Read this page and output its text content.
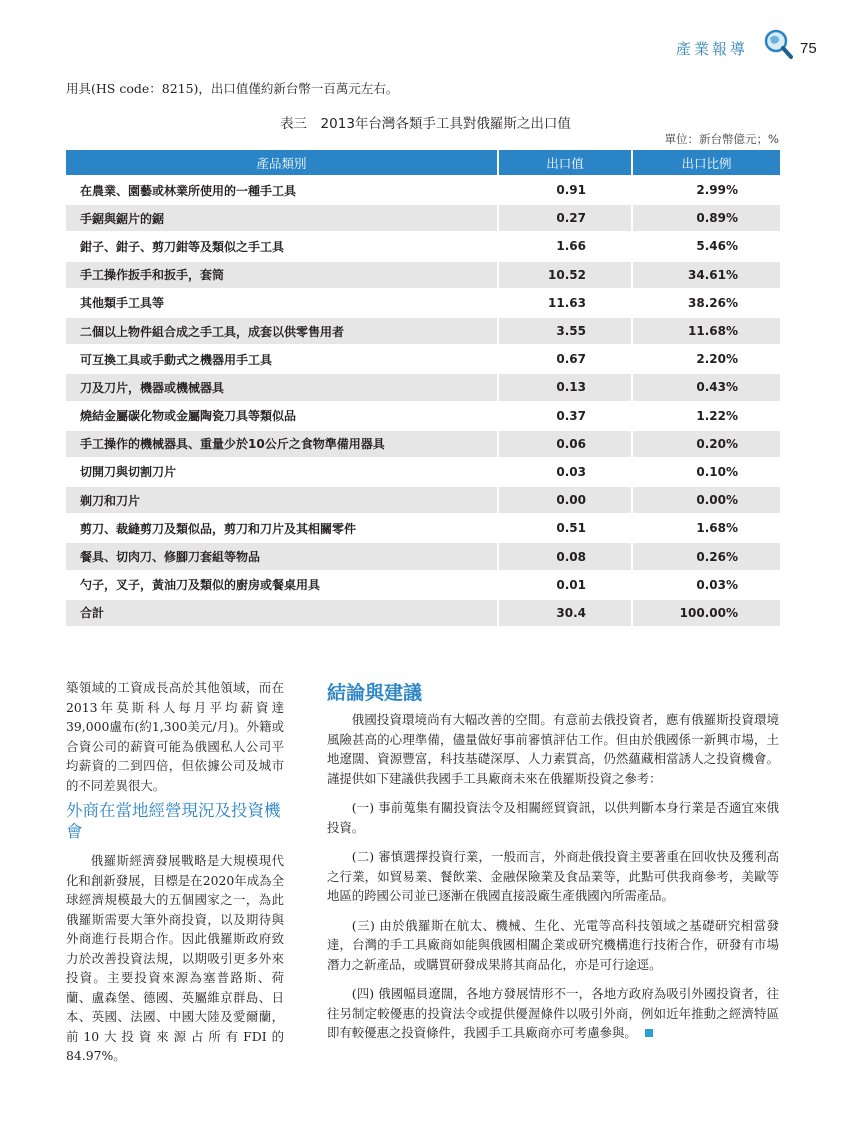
產業報導	75
用具(HS code：8215)，出口值僅約新台幣一百萬元左右。
表三　2013年台灣各類手工具對俄羅斯之出口值
單位：新台幣億元；%
產品類別	出口值	出口比例
在農業、園藝或林業所使用的一種手工具	0.91	2.99%
手鋸與鋸片的鋸	0.27	0.89%
鉗子、鉗子、剪刀鉗等及類似之手工具	1.66	5.46%
手工操作扳手和扳手，套筒	10.52	34.61%
其他類手工具等	11.63	38.26%
二個以上物件組合成之手工具，成套以供零售用者	3.55	11.68%
可互換工具或手動式之機器用手工具	0.67	2.20%
刀及刀片，機器或機械器具	0.13	0.43%
燒結金屬碳化物或金屬陶瓷刀具等類似品	0.37	1.22%
手工操作的機械器具、重量少於10公斤之食物準備用器具	0.06	0.20%
切開刀與切割刀片	0.03	0.10%
剃刀和刀片	0.00	0.00%
剪刀、裁縫剪刀及類似品，剪刀和刀片及其相關零件	0.51	1.68%
餐具、切肉刀、修腳刀套組等物品	0.08	0.26%
勺子，叉子，黃油刀及類似的廚房或餐桌用具	0.01	0.03%
合計	30.4	100.00%

築領域的工資成長高於其他領域，而在2013年莫斯科人每月平均薪資達39,000盧布(約1,300美元/月)。外籍或合資公司的薪資可能為俄國私人公司平均薪資的二到四倍，但依據公司及城市的不同差異很大。

外商在當地經營現況及投資機會

俄羅斯經濟發展戰略是大規模現代化和創新發展，目標是在2020年成為全球經濟規模最大的五個國家之一，為此俄羅斯需要大筆外商投資，以及期待與外商進行長期合作。因此俄羅斯政府致力於改善投資法規，以期吸引更多外來投資。主要投資來源為塞普路斯、荷蘭、盧森堡、德國、英屬維京群島、日本、英國、法國、中國大陸及愛爾蘭，前10大投資來源占所有FDI的84.97%。

結論與建議

俄國投資環境尚有大幅改善的空間。有意前去俄投資者，應有俄羅斯投資環境風險甚高的心理準備，儘量做好事前審慎評估工作。但由於俄國係一新興市場，土地遼闊、資源豐富，科技基礎深厚、人力素質高，仍然蘊藏相當誘人之投資機會。謹提供如下建議供我國手工具廠商未來在俄羅斯投資之參考：

(一) 事前蒐集有關投資法令及相關經貿資訊，以供判斷本身行業是否適宜來俄投資。

(二) 審慎選擇投資行業，一般而言，外商赴俄投資主要著重在回收快及獲利高之行業，如貿易業、餐飲業、金融保險業及食品業等，此點可供我商參考，美歐等地區的跨國公司並已逐漸在俄國直接設廠生產俄國內所需產品。

(三) 由於俄羅斯在航太、機械、生化、光電等高科技領域之基礎研究相當發達，台灣的手工具廠商如能與俄國相關企業或研究機構進行技術合作，研發有市場潛力之新產品，或購買研發成果將其商品化，亦是可行途逕。

(四) 俄國幅員遼闊，各地方發展情形不一，各地方政府為吸引外國投資者，往往另制定較優惠的投資法令或提供優渥條件以吸引外商，例如近年推動之經濟特區即有較優惠之投資條件，我國手工具廠商亦可考慮參與。
